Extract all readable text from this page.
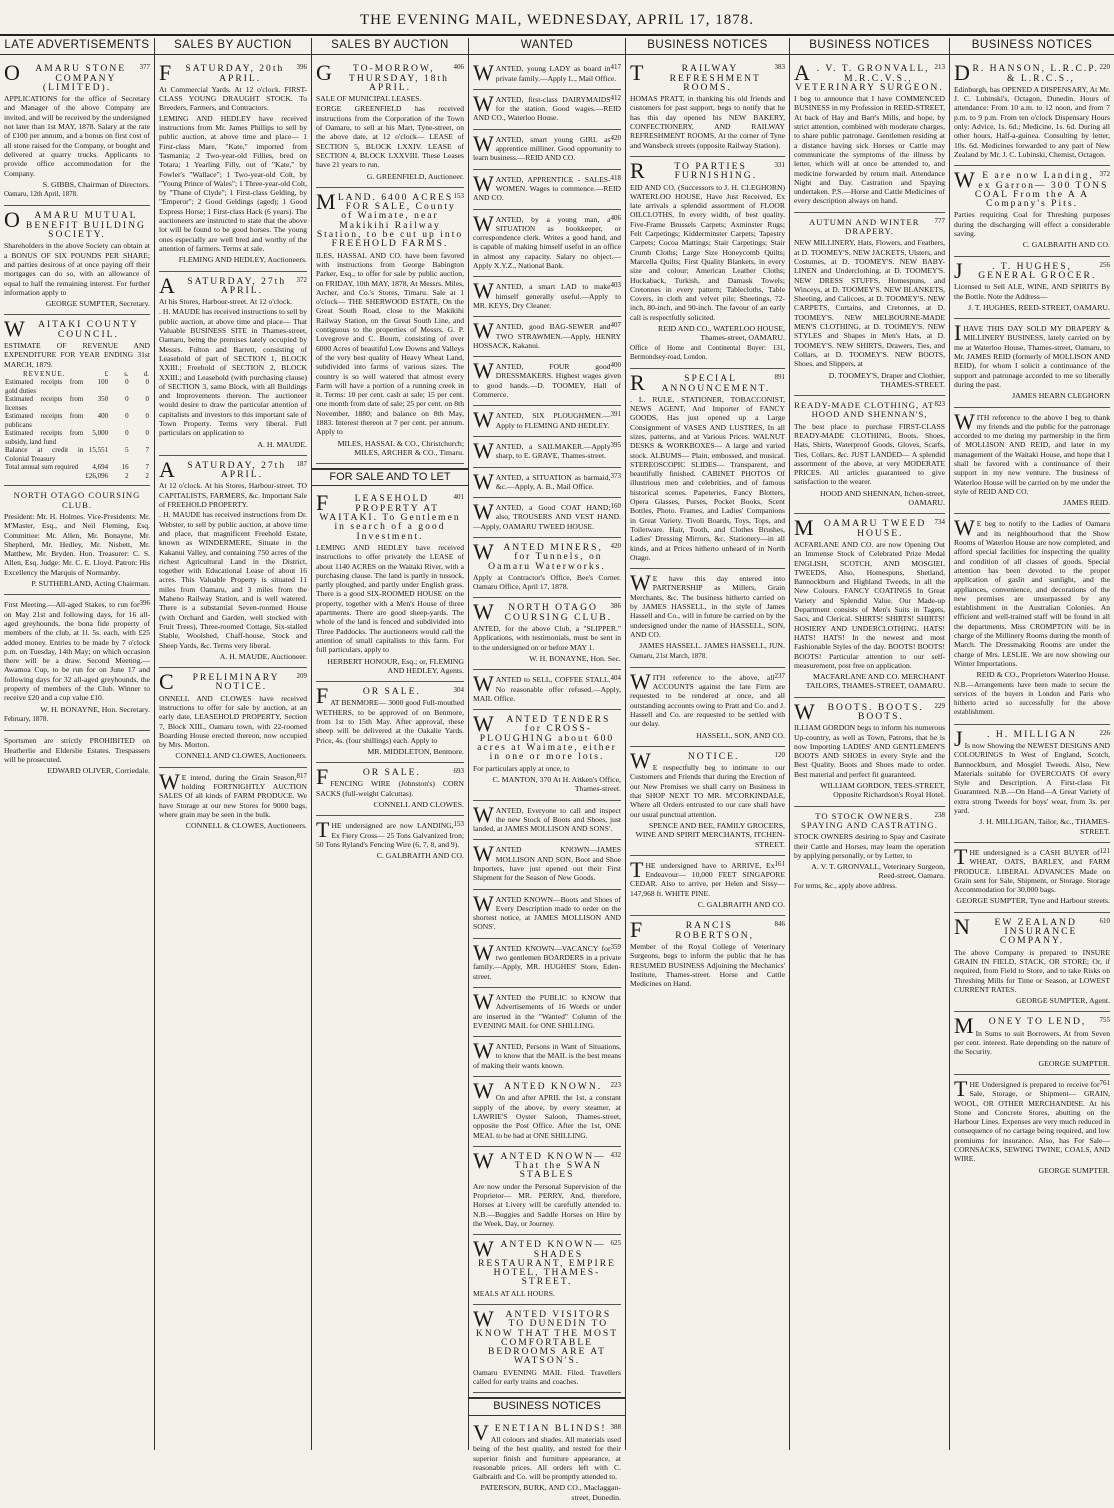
THE EVENING MAIL, WEDNESDAY, APRIL 17, 1878.
LATE ADVERTISEMENTS
377
O	AMARU STONE COMPANY (LIMITED).

APPLICATIONS for the office of Secretary and Manager of the above Company are invited, and will be received by the undersigned not later than 1st MAY, 1878. Salary at the rate of £100 per annum, and a bonus on first cost of all stone raised for the Company, or bought and delivered at quarry trucks. Applicants to provide office accommodation for the Company.

S. GIBBS, Chairman of Directors.

Oamaru, 12th April, 1878.

O	AMARU MUTUAL BENEFIT BUILDING SOCIETY.

Shareholders in the above Society can obtain at a BONUS OF SIX POUNDS PER SHARE; and parties desirous of at once paying off their mortgages can do so, with an allowance of equal to half the remaining interest. For further information apply to

GEORGE SUMPTER, Secretary.

W	AITAKI COUNTY COUNCIL.

ESTIMATE OF REVENUE AND EXPENDITURE FOR YEAR ENDING 31st MARCH, 1879.

REVENUE.	£	s.	d.
Estimated receipts from gold duties	100	0	0
Estimated receipts from licenses	350	0	0
Estimated receipts from publicans	400	0	0
Estimated receipts from subsidy, land fund	5,000	0	0
Balance at credit in Colonial Treasury	15,551	5	7
Total annual sum required	4,694	16	7
	£26,096	2	2

NORTH OTAGO COURSING CLUB.

President: Mr. H. Holmes. Vice-Presidents: Mr. M'Master, Esq., and Neil Fleming, Esq. Committee: Mr. Allen, Mr. Bonayne, Mr. Shepherd, Mr. Hedley, Mr. Nisbett, Mr. Matthew, Mr. Bryden. Hon. Treasurer: C. S. Allen, Esq. Judge: Mr. C. E. Lloyd. Patron: His Excellency the Marquis of Normanby.

P. SUTHERLAND, Acting Chairman.

396

First Meeting.—All-aged Stakes, to run for on May 21st and following days, for 16 all-aged greyhounds, the bona fide property of members of the club, at 1l. 5s. each, with £25 added money. Entries to be made by 7 o'clock p.m. on Tuesday, 14th May; on which occasion there will be a draw. Second Meeting.—Awamoa Cup, to be run for on June 17 and following days for 32 all-aged greyhounds, the property of members of the Club. Winner to receive £20 and a cup value £10.

W. H. BONAYNE, Hon. Secretary.

February, 1878.

Sportsmen are strictly PROHIBITED on Heatherlie and Elderslie Estates. Trespassers will be prosecuted.

EDWARD OLIVER, Corriedale.

SALES BY AUCTION
396
F	SATURDAY, 20th APRIL.

At Commercial Yards. At 12 o'clock. FIRST-CLASS YOUNG DRAUGHT STOCK. To Breeders, Farmers, and Contractors.

LEMING AND HEDLEY have received instructions from Mr. James Phillips to sell by public auction, at above time and place— 1 First-class Mare, "Kate," imported from Tasmania; 2 Two-year-old Fillies, bred on Totara; 1 Yearling Filly, out of "Kate," by Fowler's "Wallace"; 1 Two-year-old Colt, by "Young Prince of Wales"; 1 Three-year-old Colt, by "Thane of Clyde"; 1 First-class Gelding, by "Emperor"; 2 Good Geldings (aged); 1 Good Express Horse; 1 First-class Hack (6 years). The auctioneers are instructed to state that the above lot will be found to be good horses. The young ones especially are well bred and worthy of the attention of farmers. Terms at sale.

FLEMING AND HEDLEY, Auctioneers.

372
A	SATURDAY, 27th APRIL.

At his Stores, Harbour-street. At 12 o'clock.

. H. MAUDE has received instructions to sell by public auction, at above time and place— That Valuable BUSINESS SITE in Thames-street, Oamaru, being the premises lately occupied by Messrs. Fulton and Barrett, consisting of Leasehold of part of SECTION 1, BLOCK XXIII.; Freehold of SECTION 2, BLOCK XXIII.; and Leasehold (with purchasing clause) of SECTION 3, same Block, with all Buildings and Improvements thereon. The auctioneer would desire to draw the particular attention of capitalists and investors to this important sale of Town Property. Terms very liberal. Full particulars on application to

A. H. MAUDE.

187
A	SATURDAY, 27th APRIL.

At 12 o'clock. At his Stores, Harbour-street. TO CAPITALISTS, FARMERS, &c. Important Sale of FREEHOLD PROPERTY.

. H. MAUDE has received instructions from Dr. Webster, to sell by public auction, at above time and place, that magnificent Freehold Estate, known as WINDERMERE, Situate in the Kakanui Valley, and containing 750 acres of the richest Agricultural Land in the District, together with Educational Lease of about 16 acres. This Valuable Property is situated 11 miles from Oamaru, and 3 miles from the Maheno Railway Station, and is well watered. There is a substantial Seven-roomed House (with Orchard and Garden, well stocked with Fruit Trees), Three-roomed Cottage, Six-stalled Stable, Woolshed, Chaff-house, Stock and Sheep Yards, &c. Terms very liberal.

A. H. MAUDE, Auctioneer.

209
C	PRELIMINARY NOTICE.

ONNELL AND CLOWES have received instructions to offer for sale by auction, at an early date, LEASEHOLD PROPERTY, Section 7, Block XIII., Oamaru town, with 22-roomed Boarding House erected thereon, now occupied by Mrs. Morton.

CONNELL AND CLOWES, Auctioneers.

817
W E intend, during the Grain Season, holding FORTNIGHTLY AUCTION SALES Of all kinds of FARM PRODUCE. We have Storage at our new Stores for 9000 bags, where grain may be seen in the bulk.

CONNELL & CLOWES, Auctioneers.

SALES BY AUCTION
406
G	TO-MORROW, THURSDAY, 18th APRIL.

SALE OF MUNICIPAL LEASES.

EORGE GREENFIELD has received instructions from the Corporation of the Town of Oamaru, to sell at his Mart, Tyne-street, on the above date, at 12 o'clock— LEASE of SECTION 5, BLOCK LXXIV. LEASE of SECTION 4, BLOCK LXXVIII. These Leases have 21 years to run.

G. GREENFIELD, Auctioneer.

153
M LAND. 6400 ACRES FOR SALE, County of Waimate, near Makikihi Railway Station, to be cut up into FREEHOLD FARMS.

ILES, HASSAL AND CO. have been favored with instructions from George Babington Parker, Esq., to offer for sale by public auction, on FRIDAY, 10th MAY, 1878, At Messrs. Miles, Archer, and Co.'s Stores, Timaru. Sale at 1 o'clock— THE SHERWOOD ESTATE, On the Great South Road, close to the Makikihi Railway Station, on the Great South Line, and contiguous to the properties of Messrs. G. P. Lovegrove and C. Bourn, consisting of over 6000 Acres of beautiful Low Downs and Valleys of the very best quality of Heavy Wheat Land, subdivided into farms of various sizes. The country is so well watered that almost every Farm will have a portion of a running creek in it. Terms: 10 per cent. cash at sale; 15 per cent. one month from date of sale; 25 per cent. on 8th November, 1880; and balance on 8th May, 1883. Interest thereon at 7 per cent. per annum. Apply to

MILES, HASSAL & CO., Christchurch; MILES, ARCHER & CO., Timaru.

FOR SALE AND TO LET
401
F	LEASEHOLD PROPERTY AT WAITAKI. To Gentlemen in search of a good Investment.

LEMING AND HEDLEY have received instructions to offer privately the LEASE of about 1140 ACRES on the Waitaki River, with a purchasing clause. The land is partly in tussock, partly ploughed, and partly under English grass. There is a good SIX-ROOMED HOUSE on the property, together with a Men's House of three apartments. There are good sheep-yards. The whole of the land is fenced and subdivided into Three Paddocks. The auctioneers would call the attention of small capitalists to this farm. For full particulars, apply to

HERBERT HONOUR, Esq.; or, FLEMING AND HEDLEY, Agents.

304
F	OR SALE.

AT BENMORE— 3000 good Full-mouthed WETHERS, to be approved of on Benmore, from 1st to 15th May. After approval, these sheep will be delivered at the Oakalie Yards. Price, 4s. (four shillings) each. Apply to

MR. MIDDLETON, Benmore.

693
F	OR SALE.

FENCING WIRE (Johnston's) CORN SACKS (full-weight Calcuttas).

CONNELL AND CLOWES.

153
T HE undersigned are now LANDING, Ex Fiery Cross— 25 Tons Galvanized Iron; 50 Tons Ryland's Fencing Wire (6, 7, 8, and 9).

C. GALBRAITH AND CO.

WANTED
417
W ANTED, young LADY as board in private family.—Apply L., Mail Office.

412
W ANTED, first-class DAIRYMAIDS for the station. Good wages.—REID AND CO., Waterloo House.

420
W ANTED, smart young GIRL as apprentice milliner. Good opportunity to learn business.—REID AND CO.

418
W ANTED, APPRENTICE - SALES-WOMEN. Wages to commence.—REID AND CO.

406
W ANTED, by a young man, a SITUATION as bookkeeper, or correspondence clerk. Writes a good hand, and is capable of making himself useful in an office in almost any capacity. Salary no object.—Apply X.Y.Z., National Bank.

403
W ANTED, a smart LAD to make himself generally useful.—Apply to MR. KEYS, Dry Cleaner.

407
W ANTED, good BAG-SEWER and TWO STRAWMEN.—Apply, HENRY HOSSACK, Kakanui.

400
W ANTED, FOUR good DRESSMAKERS. Highest wages given to good hands.—D. TOOMEY, Hall of Commerce.

391
W ANTED, SIX PLOUGHMEN.—Apply to FLEMING AND HEDLEY.

395
W ANTED, a SAILMAKER.—Apply sharp, to E. GRAVE, Thames-street.

373
W ANTED, a SITUATION as barmaid, &c.—Apply, A. B., Mail Office.

160
W ANTED, a Good COAT HAND; also, TROUSERS AND VEST HAND.—Apply, OAMARU TWEED HOUSE.

420
W ANTED MINERS, for Tunnels, on Oamaru Waterworks.

Apply at Contractor's Office, Bee's Corner. Oamaru Office, April 17, 1878.

386
W	NORTH OTAGO COURSING CLUB.

ANTED, for the above Club, a "SLIPPER." Applications, with testimonials, must be sent in to the undersigned on or before MAY 1.

W. H. BONAYNE, Hon. Sec.

404
W ANTED to SELL, COFFEE STALL. No reasonable offer refused.—Apply, MAIL Office.

W	ANTED TENDERS for CROSS-PLOUGHING about 600 acres at Waimate, either in one or more lots.

For particulars apply at once, to

C. MANTON, 370 At H. Aitken's Office, Thames-street.

W ANTED, Everyone to call and inspect the new Stock of Boots and Shoes, just landed, at JAMES MOLLISON AND SONS'.

W ANTED KNOWN—JAMES MOLLISON AND SON, Boot and Shoe Importers, have just opened out their First Shipment for the Season of New Goods.

W ANTED KNOWN—Boots and Shoes of Every Description made to order on the shortest notice, at JAMES MOLLISON AND SONS'.

359
W ANTED KNOWN—VACANCY for two gentlemen BOARDERS in a private family.—Apply, MR. HUGHES' Store, Eden-street.

W ANTED the PUBLIC to KNOW that Advertisements of 16 Words or under are inserted in the "Wanted" Column of the EVENING MAIL for ONE SHILLING.

W ANTED, Persons in Want of Situations, to know that the MAIL is the best means of making their wants known.

223
W	ANTED KNOWN.

On and after APRIL the 1st, a constant supply of the above, by every steamer, at LAWRIE'S Oyster Saloon, Thames-street, opposite the Post Office. After the 1st, ONE MEAL to be had at ONE SHILLING.

432
W ANTED KNOWN—That the SWAN STABLES

Are now under the Personal Supervision of the Proprietor— MR. PERRY, And, therefore, Horses at Livery will be carefully attended to. N.B.—Buggies and Saddle Horses on Hire by the Week, Day, or Journey.

625
W ANTED KNOWN— SHADES RESTAURANT, EMPIRE HOTEL, THAMES-STREET.

MEALS AT ALL HOURS.

W	ANTED VISITORS TO DUNEDIN TO KNOW THAT THE MOST COMFORTABLE BEDROOMS ARE AT WATSON'S.

Oamaru EVENING MAIL Filed. Travellers called for early trains and coaches.

BUSINESS NOTICES
388
V ENETIAN BLINDS!

All colours and shades. All materials used being of the best quality, and tested for their superior finish and furniture appearance, at reasonable prices. All orders left with C. Galbraith and Co. will be promptly attended to.

PATERSON, BURK, AND CO., Maclaggan-street, Dunedin.

BUSINESS NOTICES
383
T	RAILWAY REFRESHMENT ROOMS.

HOMAS PRATT, in thanking his old friends and customers for past support, begs to notify that he has this day opened his NEW BAKERY, CONFECTIONERY, AND RAILWAY REFRESHMENT ROOMS, At the corner of Tyne and Wansbeck streets (opposite Railway Station).

331
R	TO PARTIES FURNISHING.

EID AND CO. (Successors to J. H. CLEGHORN) WATERLOO HOUSE, Have Just Received, Ex late arrivals a splendid assortment of FLOOR OILCLOTHS, In every width, of best quality. Five-Frame Brussels Carpets; Axminster Rugs; Felt Carpetings; Kidderminster Carpets; Tapestry Carpets; Cocoa Mattings; Stair Carpetings; Stair Crumb Cloths; Large Size Honeycomb Quilts; Marcella Quilts; First Quality Blankets, in every size and colour; American Leather Cloths; Huckaback, Turkish, and Damask Towels; Cretonnes in every pattern; Tablecloths, Table Covers, in cloth and velvet pile; Sheetings, 72-inch, 80-inch, and 90-inch. The favour of an early call is respectfully solicited.

REID AND CO., WATERLOO HOUSE, Thames-street, OAMARU.

Office of Home and Continental Buyer: 131, Bermondsey-road, London.

891
R	SPECIAL ANNOUNCEMENT.

. L. RULE, STATIONER, TOBACCONIST, NEWS AGENT, And Importer of FANCY GOODS, Has just opened up a Large Consignment of VASES AND LUSTRES, In all sizes, patterns, and at Various Prices. WALNUT DESKS & WORKBOXES— A large and varied stock. ALBUMS— Plain, embossed, and musical. STEREOSCOPIC SLIDES— Transparent, and beautifully finished. CABINET PHOTOS Of illustrious men and celebrities, and of famous historical scenes. Papeteries, Fancy Blotters, Opera Glasses, Purses, Pocket Books, Scent Bottles, Photo. Frames, and Ladies' Companions in Great Variety. Tivoli Boards, Toys, Tops, and Toiletware. Hair, Tooth, and Clothes Brushes, Ladies' Dressing Mirrors, &c. Stationery—in all kinds, and at Prices hitherto unheard of in North Otago.

W E have this day entered into PARTNERSHIP as Millers, Grain Merchants, &c. The business hitherto carried on by JAMES HASSELL, in the style of James Hassell and Co., will in future be carried on by the undersigned under the name of HASSELL, SON, AND CO.

JAMES HASSELL. JAMES HASSELL, JUN.

Oamaru, 21st March, 1878.

237
W ITH reference to the above, all ACCOUNTS against the late Firm are requested to be rendered at once, and all outstanding accounts owing to Pratt and Co. and J. Hassell and Co. are requested to be settled with our delay.

HASSELL, SON, AND CO.

120
W	NOTICE.

E respectfully beg to intimate to our Customers and Friends that during the Erection of our New Premises we shall carry on Business in that SHOP NEXT TO MR. M'CORKINDALE, Where all Orders entrusted to our care shall have our usual punctual attention.

SPENCE AND BEE, FAMILY GROCERS, WINE AND SPIRIT MERCHANTS, ITCHEN-STREET.

161
T HE undersigned have to ARRIVE, Ex Endeavour— 10,000 FEET SINGAPORE CEDAR. Also to arrive, per Helen and Sissy— 147,968 ft. WHITE PINE.

C. GALBRAITH AND CO.

846
F	RANCIS ROBERTSON,

Member of the Royal College of Veterinary Surgeons, begs to inform the public that he has RESUMED BUSINESS Adjoining the Mechanics' Institute, Thames-street. Horse and Cattle Medicines on Hand.

BUSINESS NOTICES
213
A . V. T. GRONVALL, M.R.C.V.S., VETERINARY SURGEON.

I beg to announce that I have COMMENCED BUSINESS in my Profession in REED-STREET, At back of Hay and Barr's Mills, and hope, by strict attention, combined with moderate charges, to share public patronage. Gentlemen residing at a distance having sick Horses or Cattle may communicate the symptoms of the illness by letter, which will at once be attended to, and medicine forwarded by return mail. Attendance Night and Day. Castration and Spaying undertaken. P.S.—Horse and Cattle Medicines of every description always on hand.

777

AUTUMN AND WINTER DRAPERY.

NEW MILLINERY, Hats, Flowers, and Feathers, at D. TOOMEY'S. NEW JACKETS, Ulsters, and Costumes, at D. TOOMEY'S. NEW BABY-LINEN and Underclothing, at D. TOOMEY'S. NEW DRESS STUFFS, Homespuns, and Winceys, at D. TOOMEY'S. NEW BLANKETS, Sheeting, and Calicoes, at D. TOOMEY'S. NEW CARPETS, Curtains, and Cretonnes, at D. TOOMEY'S. NEW MELBOURNE-MADE MEN'S CLOTHING, at D. TOOMEY'S. NEW STYLES and Shapes in Men's Hats, at D. TOOMEY'S. NEW SHIRTS, Drawers, Ties, and Collars, at D. TOOMEY'S. NEW BOOTS, Shoes, and Slippers, at

D. TOOMEY'S, Draper and Clothier, THAMES-STREET.

823

READY-MADE CLOTHING, AT HOOD AND SHENNAN'S,

The best place to purchase FIRST-CLASS READY-MADE CLOTHING, Boots, Shoes, Hats, Shirts, Waterproof Goods, Gloves, Scarfs, Ties, Collars, &c. JUST LANDED— A splendid assortment of the above, at very MODERATE PRICES. All articles guaranteed to give satisfaction to the wearer.

HOOD AND SHENNAN, Itchen-street, OAMARU.

734
M	OAMARU TWEED HOUSE.

ACFARLANE AND CO. are now Opening Out an Immense Stock of Celebrated Prize Medal ENGLISH, SCOTCH, AND MOSGIEL TWEEDS, Also, Homespuns, Shetland, Bannockburn and Highland Tweeds, in all the New Colours. FANCY COATINGS In Great Variety and Splendid Value. Our Made-up Department consists of Men's Suits in Tagets, Sacs, and Clerical. SHIRTS! SHIRTS! SHIRTS! HOSIERY AND UNDERCLOTHING. HATS! HATS! HATS! In the newest and most Fashionable Styles of the day. BOOTS! BOOTS! BOOTS! Particular attention to our self-measurement, post free on application.

MACFARLANE AND CO. MERCHANT TAILORS, THAMES-STREET, OAMARU.

229
W	BOOTS. BOOTS. BOOTS.

ILLIAM GORDON begs to inform his numerous Up-country, as well as Town, Patrons, that he is now Importing LADIES' AND GENTLEMEN'S BOOTS AND SHOES in every Style and the Best Quality. Boots and Shoes made to order. Best material and perfect fit guaranteed.

WILLIAM GORDON, TEES-STREET, Opposite Richardson's Royal Hotel.

238

TO STOCK OWNERS. SPAYING AND CASTRATING.

STOCK OWNERS desiring to Spay and Castrate their Cattle and Horses, may learn the operation by applying personally, or by Letter, to

A. V. T. GRONVALL, Veterinary Surgeon, Reed-street, Oamaru.

For terms, &c., apply above address.

BUSINESS NOTICES
220
D R. HANSON, L.R.C.P. & L.R.C.S.,

Edinburgh, has OPENED A DISPENSARY, At Mr. J. C. Lubinski's, Octagon, Dunedin. Hours of attendance: From 10 a.m. to 12 noon, and from 7 p.m. to 9 p.m. From ten o'clock Dispensary Hours only: Advice, 1s. 6d.; Medicine, 1s. 6d. During all other hours, Half-a-guinea. Consulting by letter, 10s. 6d. Medicines forwarded to any part of New Zealand by Mr. J. C. Lubinski, Chemist, Octagon.

372
W E are now Landing, ex Garron— 300 TONS COAL From the A A Company's Pits.

Parties requiring Coal for Threshing purposes during the discharging will effect a considerable saving.

C. GALBRAITH AND CO.

256
J	. T. HUGHES, GENERAL GROCER.

Licensed to Sell ALE, WINE, AND SPIRITS By the Bottle. Note the Address—

J. T. HUGHES, REED-STREET, OAMARU.

I HAVE THIS DAY SOLD MY DRAPERY & MILLINERY BUSINESS, lately carried on by me at Waterloo House, Thames-street, Oamaru, to Mr. JAMES REID (formerly of MOLLISON AND REID), for whom I solicit a continuance of the support and patronage accorded to me so liberally during the past.

JAMES HEARN CLEGHORN

W ITH reference to the above I beg to thank my friends and the public for the patronage accorded to me during my partnership in the firm of MOLLISON AND REID, and later in my management of the Waitaki House, and hope that I shall be favored with a continuance of their support in my new venture. The business of Waterloo House will be carried on by me under the style of REID AND CO.

JAMES REID.

W E beg to notify to the Ladies of Oamaru and its neighbourhood that the Show Rooms of Waterloo House are now completed, and afford special facilities for inspecting the quality and condition of all classes of goods. Special attention has been devoted to the proper application of gaslit and sunlight, and the appliances, convenience, and decorations of the new premises are unsurpassed by any establishment in the Australian Colonies. An efficient and well-trained staff will be found in all the departments. Miss CROMPTON will be in charge of the Millinery Rooms during the month of March. The Dressmaking Rooms are under the charge of Mrs. LESLIE. We are now showing our Winter Importations.

REID & CO., Proprietors Waterloo House.

N.B.—Arrangements have been made to secure the services of the buyers in London and Paris who hitherto acted so successfully for the above establishment.

226
J	. H. MILLIGAN

Is now Showing the NEWEST DESIGNS AND COLOURINGS In West of England, Scotch, Bannockburn, and Mosgiel Tweeds. Also, New Materials suitable for OVERCOATS Of every Style and Description. A First-class Fit Guaranteed. N.B.—On Hand—A Great Variety of extra strong Tweeds for boys' wear, from 3s. per yard.

J. H. MILLIGAN, Tailor, &c., THAMES-STREET.

121
T HE undersigned is a CASH BUYER of WHEAT, OATS, BARLEY, and FARM PRODUCE. LIBERAL ADVANCES Made on Grain sent for Sale, Shipment, or Storage. Storage Accommodation for 30,000 bags.

GEORGE SUMPTER, Tyne and Harbour streets.

610
N	EW ZEALAND INSURANCE COMPANY.

The above Company is prepared to INSURE GRAIN IN FIELD, STACK, OR STORE; Or, if required, from Field to Store, and to take Risks on Threshing Mills for Time or Season, at LOWEST CURRENT RATES.

GEORGE SUMPTER, Agent.

755
M	ONEY TO LEND,

In Sums to suit Borrowers, At from Seven per cent. interest. Rate depending on the nature of the Security.

GEORGE SUMPTER.

761
T HE Undersigned is prepared to receive for Sale, Storage, or Shipment— GRAIN, WOOL, OR OTHER MERCHANDISE. At his Stone and Concrete Stores, abutting on the Harbour Lines. Expenses are very much reduced in consequence of no cartage being required, and low premiums for insurance. Also, has For Sale— CORNSACKS, SEWING TWINE, COALS, AND WIRE.

GEORGE SUMPTER.
